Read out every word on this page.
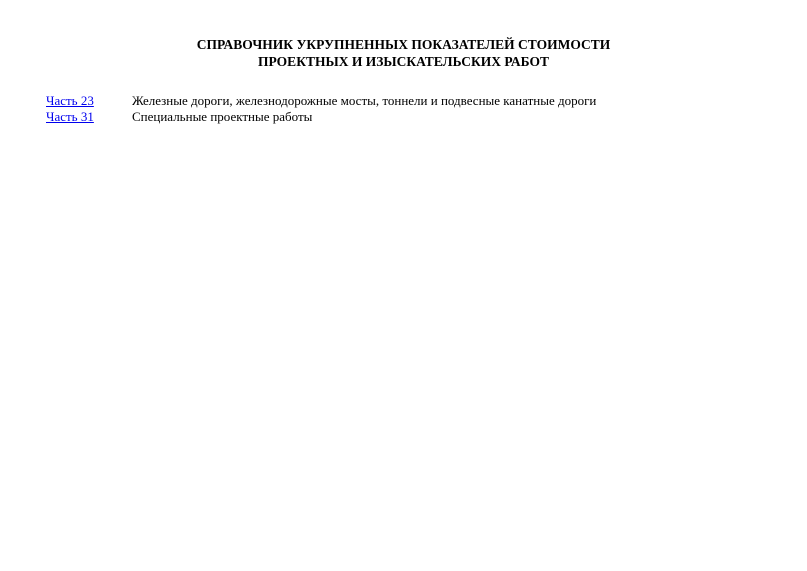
СПРАВОЧНИК УКРУПНЕННЫХ ПОКАЗАТЕЛЕЙ СТОИМОСТИ
ПРОЕКТНЫХ И ИЗЫСКАТЕЛЬСКИХ РАБОТ
Часть 23	Железные дороги, железнодорожные мосты, тоннели и подвесные канатные дороги
Часть 31	Специальные проектные работы
